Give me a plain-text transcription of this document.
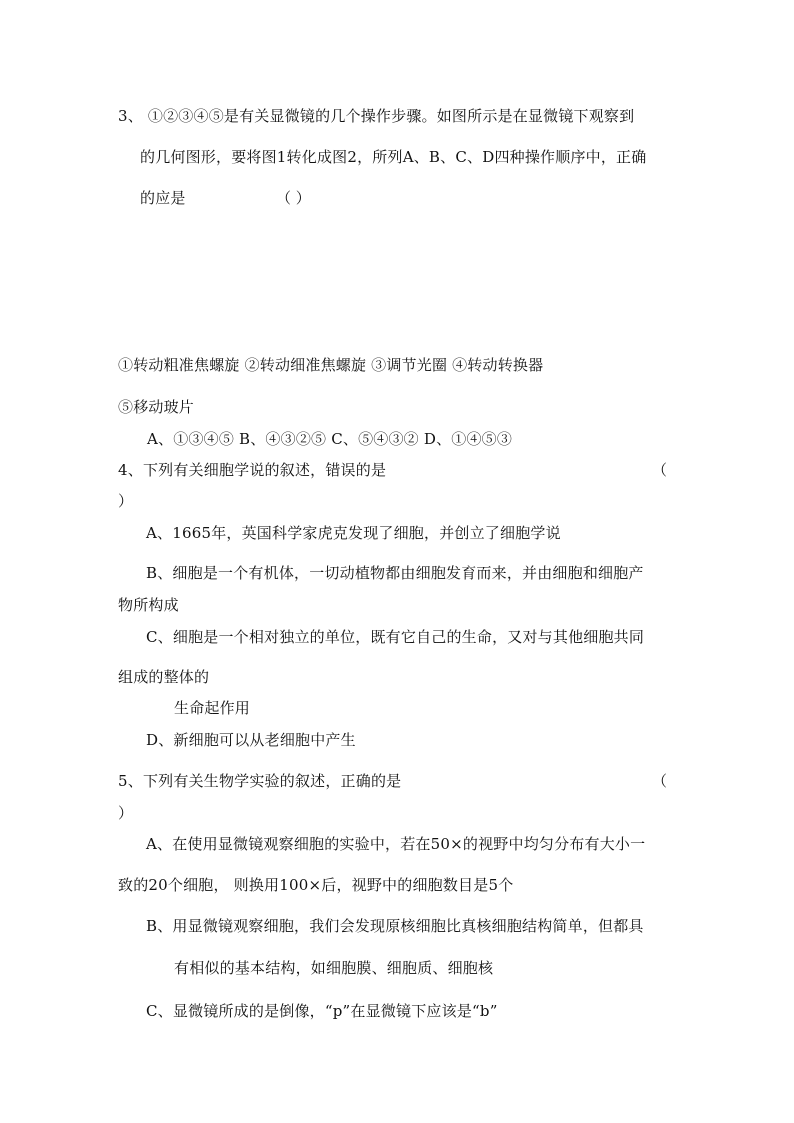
3、 ①②③④⑤是有关显微镜的几个操作步骤。如图所示是在显微镜下观察到
的几何图形，要将图1转化成图2，所列A、B、C、D四种操作顺序中，正确
的应是	（ ）
①转动粗准焦螺旋 ②转动细准焦螺旋 ③调节光圈 ④转动转换器
⑤移动玻片
A、①③④⑤ B、④③②⑤ C、⑤④③② D、①④⑤③
4、下列有关细胞学说的叙述，错误的是	（
）
A、1665年，英国科学家虎克发现了细胞，并创立了细胞学说
B、细胞是一个有机体，一切动植物都由细胞发育而来，并由细胞和细胞产
物所构成
C、细胞是一个相对独立的单位，既有它自己的生命，又对与其他细胞共同
组成的整体的
生命起作用
D、新细胞可以从老细胞中产生
5、下列有关生物学实验的叙述，正确的是	（
）
A、在使用显微镜观察细胞的实验中，若在50×的视野中均匀分布有大小一
致的20个细胞， 则换用100×后，视野中的细胞数目是5个
B、用显微镜观察细胞，我们会发现原核细胞比真核细胞结构简单，但都具
有相似的基本结构，如细胞膜、细胞质、细胞核
C、显微镜所成的是倒像，“p”在显微镜下应该是“b”
